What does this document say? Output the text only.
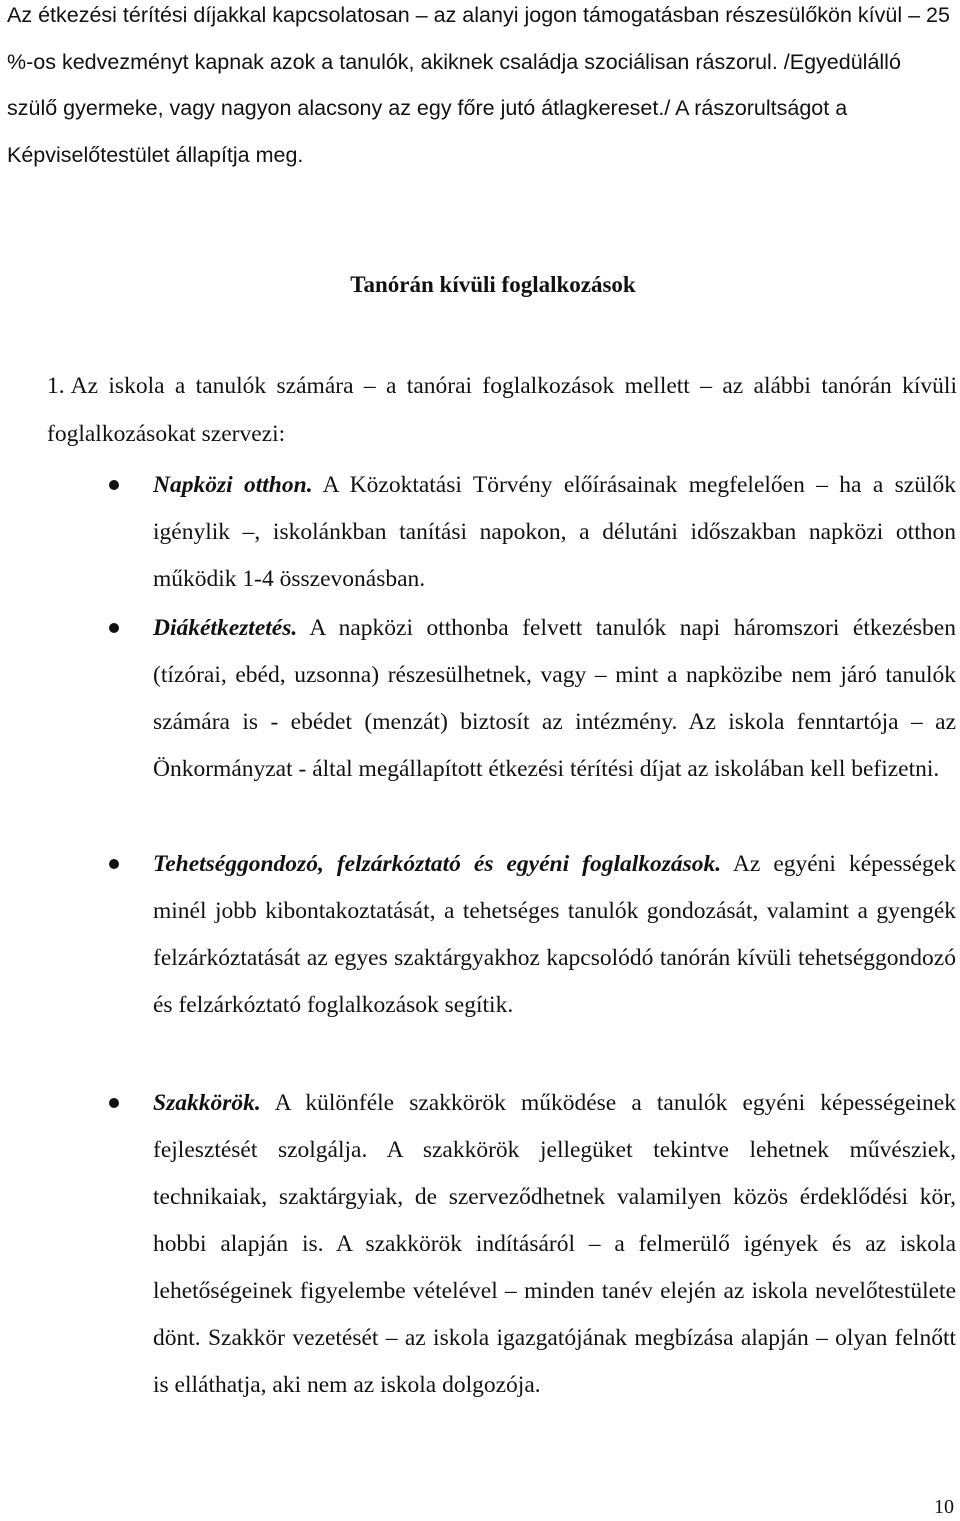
Az étkezési térítési díjakkal kapcsolatosan – az alanyi jogon támogatásban részesülőkön kívül – 25 %-os kedvezményt kapnak azok a tanulók, akiknek családja szociálisan rászorul. /Egyedülálló szülő gyermeke, vagy nagyon alacsony az egy főre jutó átlagkereset./ A rászorultságot a Képviselőtestület állapítja meg.

Tanórán kívüli foglalkozások

1. Az iskola a tanulók számára – a tanórai foglalkozások mellett – az alábbi tanórán kívüli foglalkozásokat szervezi:

Napközi otthon. A Közoktatási Törvény előírásainak megfelelően – ha a szülők igénylik –, iskolánkban tanítási napokon, a délutáni időszakban napközi otthon működik 1-4 összevonásban.
Diákétkeztetés. A napközi otthonba felvett tanulók napi háromszori étkezésben (tízórai, ebéd, uzsonna) részesülhetnek, vagy – mint a napközibe nem járó tanulók számára is - ebédet (menzát) biztosít az intézmény. Az iskola fenntartója – az Önkormányzat - által megállapított étkezési térítési díjat az iskolában kell befizetni.
Tehetséggondozó, felzárkóztató és egyéni foglalkozások. Az egyéni képességek minél jobb kibontakoztatását, a tehetséges tanulók gondozását, valamint a gyengék felzárkóztatását az egyes szaktárgyakhoz kapcsolódó tanórán kívüli tehetséggondozó és felzárkóztató foglalkozások segítik.
Szakkörök. A különféle szakkörök működése a tanulók egyéni képességeinek fejlesztését szolgálja. A szakkörök jellegüket tekintve lehetnek művésziek, technikaiak, szaktárgyiak, de szerveződhetnek valamilyen közös érdeklődési kör, hobbi alapján is. A szakkörök indításáról – a felmerülő igények és az iskola lehetőségeinek figyelembe vételével – minden tanév elején az iskola nevelőtestülete dönt. Szakkör vezetését – az iskola igazgatójának megbízása alapján – olyan felnőtt is elláthatja, aki nem az iskola dolgozója.

10
